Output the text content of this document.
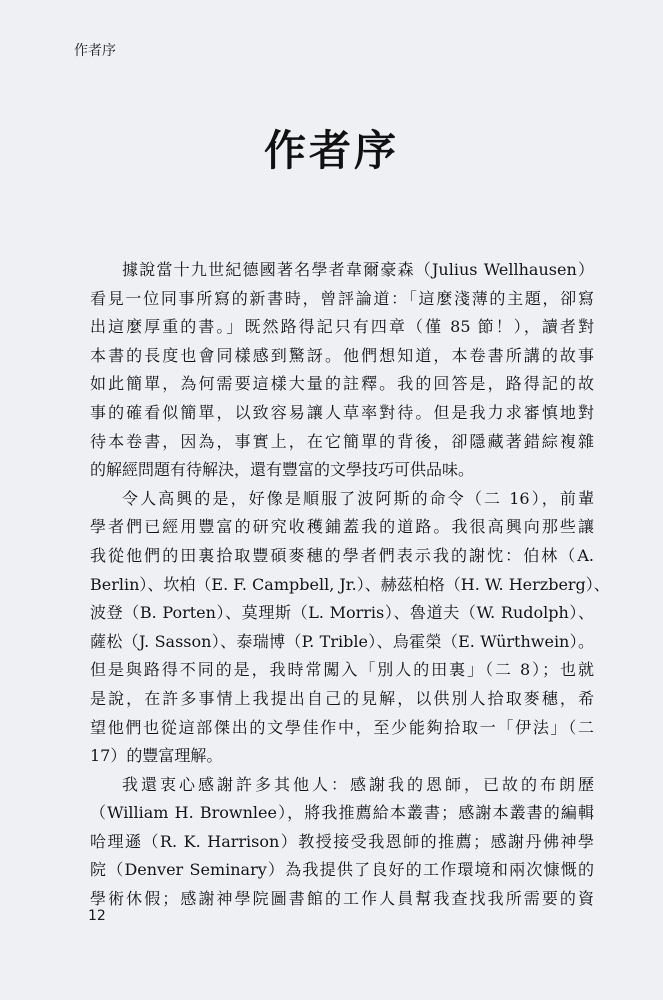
作者序
作者序
據說當十九世紀德國著名學者韋爾豪森（Julius Wellhausen）
看見一位同事所寫的新書時，曾評論道：「這麼淺薄的主題，卻寫
出這麼厚重的書。」既然路得記只有四章（僅 85 節！），讀者對
本書的長度也會同樣感到驚訝。他們想知道，本卷書所講的故事
如此簡單，為何需要這樣大量的註釋。我的回答是，路得記的故
事的確看似簡單，以致容易讓人草率對待。但是我力求審慎地對
待本卷書，因為，事實上，在它簡單的背後，卻隱藏著錯綜複雜
的解經問題有待解決，還有豐富的文學技巧可供品味。
令人高興的是，好像是順服了波阿斯的命令（二 16），前輩
學者們已經用豐富的研究收穫鋪蓋我的道路。我很高興向那些讓
我從他們的田裏拾取豐碩麥穗的學者們表示我的謝忱：伯林（A.
Berlin）、坎柏（E. F. Campbell, Jr.）、赫茲柏格（H. W. Herzberg）、
波登（B. Porten）、莫理斯（L. Morris）、魯道夫（W. Rudolph）、
薩松（J. Sasson）、泰瑞博（P. Trible）、烏霍榮（E. Würthwein）。
但是與路得不同的是，我時常闖入「別人的田裏」（二 8）；也就
是說，在許多事情上我提出自己的見解，以供別人拾取麥穗，希
望他們也從這部傑出的文學佳作中，至少能夠拾取一「伊法」（二
17）的豐富理解。
我還衷心感謝許多其他人：感謝我的恩師，已故的布朗歷
（William H. Brownlee），將我推薦給本叢書；感謝本叢書的編輯
哈理遜（R. K. Harrison）教授接受我恩師的推薦；感謝丹佛神學
院（Denver Seminary）為我提供了良好的工作環境和兩次慷慨的
學術休假；感謝神學院圖書館的工作人員幫我查找我所需要的資
12
